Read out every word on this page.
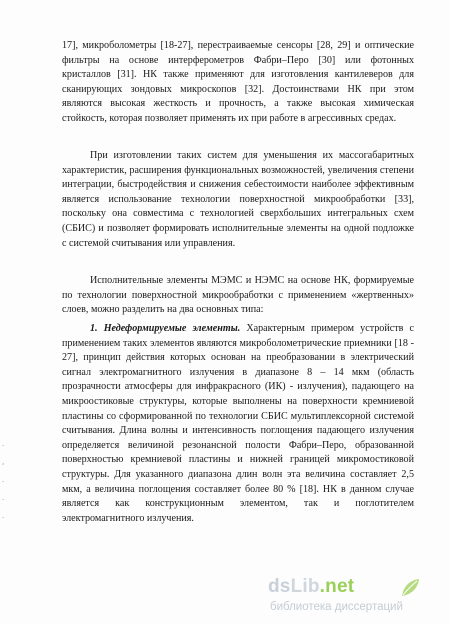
17], микроболометры [18-27], перестраиваемые сенсоры [28, 29] и оптические фильтры на основе интерферометров Фабри–Перо [30] или фотонных кристаллов [31]. НК также применяют для изготовления кантилеверов для сканирующих зондовых микроскопов [32]. Достоинствами НК при этом являются высокая жесткость и прочность, а также высокая химическая стойкость, которая позволяет применять их при работе в агрессивных средах.

При изготовлении таких систем для уменьшения их массогабаритных характеристик, расширения функциональных возможностей, увеличения степени интеграции, быстродействия и снижения себестоимости наиболее эффективным является использование технологии поверхностной микрообработки [33], поскольку она совместима с технологией сверхбольших интегральных схем (СБИС) и позволяет формировать исполнительные элементы на одной подложке с системой считывания или управления.

Исполнительные элементы МЭМС и НЭМС на основе НК, формируемые по технологии поверхностной микрообработки с применением «жертвенных» слоев, можно разделить на два основных типа:

1. Недеформируемые элементы. Характерным примером устройств с применением таких элементов являются микроболометрические приемники [18 - 27], принцип действия которых основан на преобразовании в электрический сигнал электромагнитного излучения в диапазоне 8 – 14 мкм (область прозрачности атмосферы для инфракрасного (ИК) - излучения), падающего на микроостиковые структуры, которые выполнены на поверхности кремниевой пластины со сформированной по технологии СБИС мультиплексорной системой считывания. Длина волны и интенсивность поглощения падающего излучения определяется величиной резонансной полости Фабри–Перо, образованной поверхностью кремниевой пластины и нижней границей микромостиковой структуры. Для указанного диапазона длин волн эта величина составляет 2,5 мкм, а величина поглощения составляет более 80 % [18]. НК в данном случае является как конструкционным элементом, так и поглотителем электромагнитного излучения.

.

,

.

.

.
dsLib.net
библиотека диссертаций
